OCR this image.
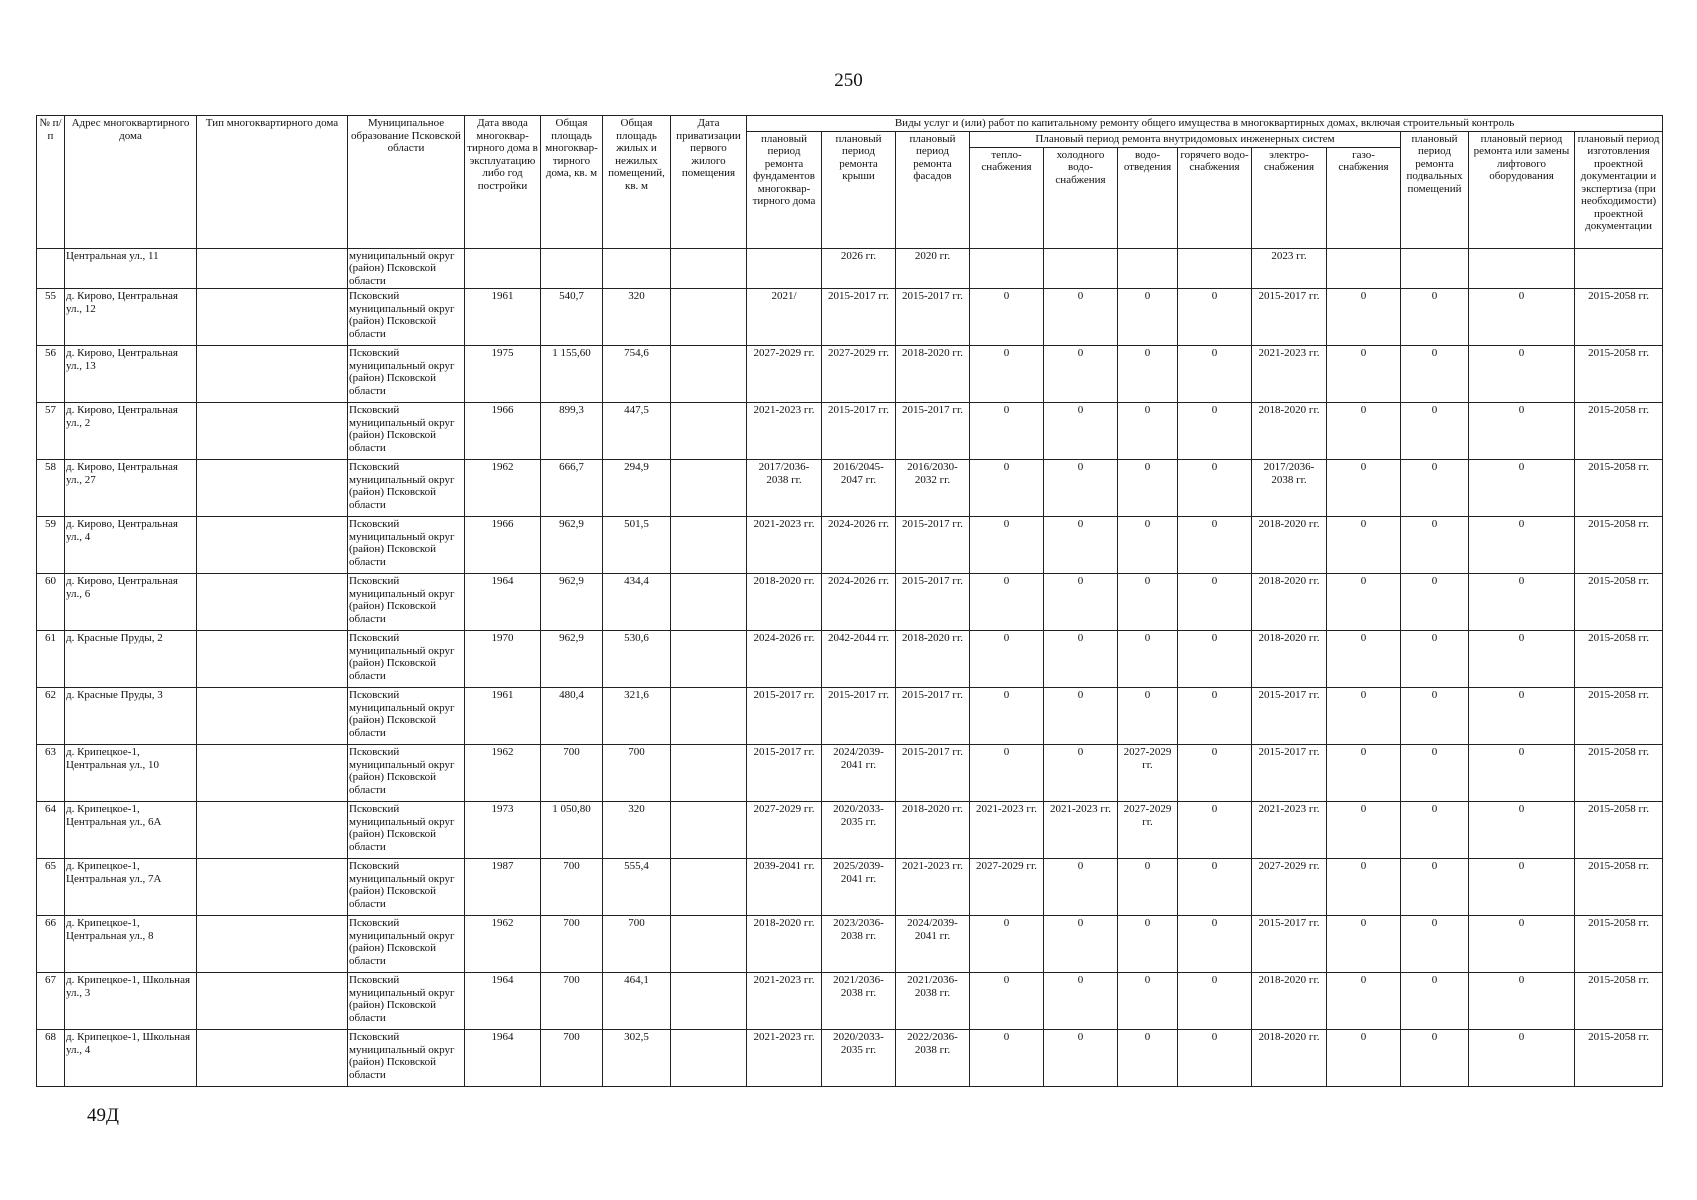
250
№ п/п	Адрес многоквартирного дома	Тип многоквартирного дома	Муниципальное образование Псковской области	Дата ввода многоквар-тирного дома в эксплуатацию либо год постройки	Общая площадь многоквар-тирного дома, кв. м	Общая площадь жилых и нежилых помещений, кв. м	Дата приватизации первого жилого помещения	Виды услуг и (или) работ по капитальному ремонту общего имущества в многоквартирных домах, включая строительный контроль											
								плановый период ремонта фундаментов многоквар-тирного дома	плановый период ремонта крыши	плановый период ремонта фасадов	Плановый период ремонта внутридомовых инженерных систем						плановый период ремонта подвальных помещений	плановый период ремонта или замены лифтового оборудования	плановый период изготовления проектной документации и экспертиза (при необходимости) проектной документации
											тепло-снабжения	холодного водо-снабжения	водо-отведения	горячего водо-снабжения	электро-снабжения	газо-снабжения			
	Центральная ул., 11		муниципальный округ (район) Псковской области						2026 гг.	2020 гг.					2023 гг.				
55	д. Кирово, Центральная ул., 12		Псковский муниципальный округ (район) Псковской области	1961	540,7	320		2021/	2015-2017 гг.	2015-2017 гг.	0	0	0	0	2015-2017 гг.	0	0	0	2015-2058 гг.
56	д. Кирово, Центральная ул., 13		Псковский муниципальный округ (район) Псковской области	1975	1 155,60	754,6		2027-2029 гг.	2027-2029 гг.	2018-2020 гг.	0	0	0	0	2021-2023 гг.	0	0	0	2015-2058 гг.
57	д. Кирово, Центральная ул., 2		Псковский муниципальный округ (район) Псковской области	1966	899,3	447,5		2021-2023 гг.	2015-2017 гг.	2015-2017 гг.	0	0	0	0	2018-2020 гг.	0	0	0	2015-2058 гг.
58	д. Кирово, Центральная ул., 27		Псковский муниципальный округ (район) Псковской области	1962	666,7	294,9		2017/2036-2038 гг.	2016/2045-2047 гг.	2016/2030-2032 гг.	0	0	0	0	2017/2036-2038 гг.	0	0	0	2015-2058 гг.
59	д. Кирово, Центральная ул., 4		Псковский муниципальный округ (район) Псковской области	1966	962,9	501,5		2021-2023 гг.	2024-2026 гг.	2015-2017 гг.	0	0	0	0	2018-2020 гг.	0	0	0	2015-2058 гг.
60	д. Кирово, Центральная ул., 6		Псковский муниципальный округ (район) Псковской области	1964	962,9	434,4		2018-2020 гг.	2024-2026 гг.	2015-2017 гг.	0	0	0	0	2018-2020 гг.	0	0	0	2015-2058 гг.
61	д. Красные Пруды, 2		Псковский муниципальный округ (район) Псковской области	1970	962,9	530,6		2024-2026 гг.	2042-2044 гг.	2018-2020 гг.	0	0	0	0	2018-2020 гг.	0	0	0	2015-2058 гг.
62	д. Красные Пруды, 3		Псковский муниципальный округ (район) Псковской области	1961	480,4	321,6		2015-2017 гг.	2015-2017 гг.	2015-2017 гг.	0	0	0	0	2015-2017 гг.	0	0	0	2015-2058 гг.
63	д. Крипецкое-1, Центральная ул., 10		Псковский муниципальный округ (район) Псковской области	1962	700	700		2015-2017 гг.	2024/2039-2041 гг.	2015-2017 гг.	0	0	2027-2029 гг.	0	2015-2017 гг.	0	0	0	2015-2058 гг.
64	д. Крипецкое-1, Центральная ул., 6А		Псковский муниципальный округ (район) Псковской области	1973	1 050,80	320		2027-2029 гг.	2020/2033-2035 гг.	2018-2020 гг.	2021-2023 гг.	2021-2023 гг.	2027-2029 гг.	0	2021-2023 гг.	0	0	0	2015-2058 гг.
65	д. Крипецкое-1, Центральная ул., 7А		Псковский муниципальный округ (район) Псковской области	1987	700	555,4		2039-2041 гг.	2025/2039-2041 гг.	2021-2023 гг.	2027-2029 гг.	0	0	0	2027-2029 гг.	0	0	0	2015-2058 гг.
66	д. Крипецкое-1, Центральная ул., 8		Псковский муниципальный округ (район) Псковской области	1962	700	700		2018-2020 гг.	2023/2036-2038 гг.	2024/2039-2041 гг.	0	0	0	0	2015-2017 гг.	0	0	0	2015-2058 гг.
67	д. Крипецкое-1, Школьная ул., 3		Псковский муниципальный округ (район) Псковской области	1964	700	464,1		2021-2023 гг.	2021/2036-2038 гг.	2021/2036-2038 гг.	0	0	0	0	2018-2020 гг.	0	0	0	2015-2058 гг.
68	д. Крипецкое-1, Школьная ул., 4		Псковский муниципальный округ (район) Псковской области	1964	700	302,5		2021-2023 гг.	2020/2033-2035 гг.	2022/2036-2038 гг.	0	0	0	0	2018-2020 гг.	0	0	0	2015-2058 гг.
49Д
